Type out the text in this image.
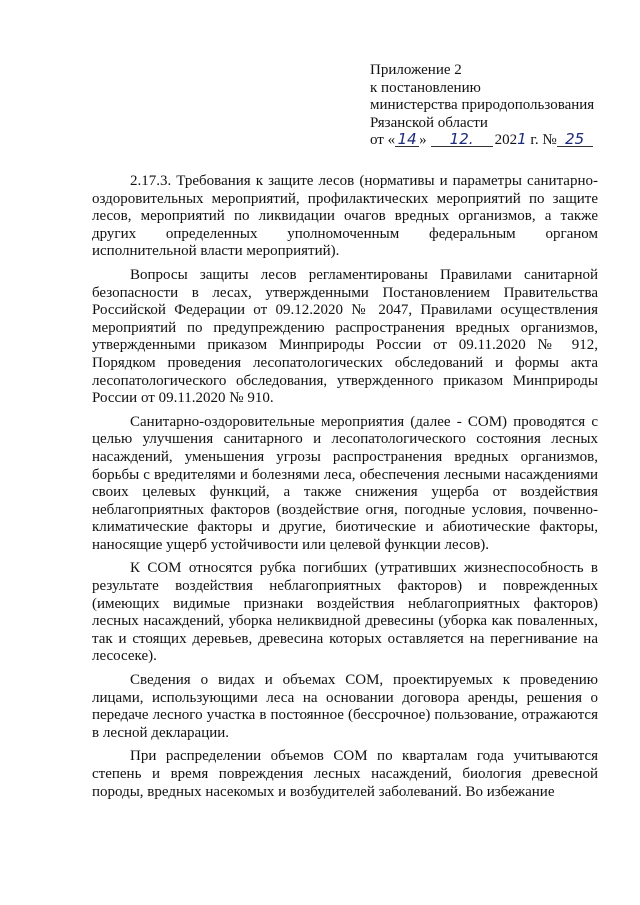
Приложение 2
к постановлению
министерства природопользования
Рязанской области
от « 14 » 12. 2021 г. № 25

2.17.3. Требования к защите лесов (нормативы и параметры санитарно-оздоровительных мероприятий, профилактических мероприятий по защите лесов, мероприятий по ликвидации очагов вредных организмов, а также других определенных уполномоченным федеральным органом исполнительной власти мероприятий).

Вопросы защиты лесов регламентированы Правилами санитарной безопасности в лесах, утвержденными Постановлением Правительства Российской Федерации от 09.12.2020 № 2047, Правилами осуществления мероприятий по предупреждению распространения вредных организмов, утвержденными приказом Минприроды России от 09.11.2020 № 912, Порядком проведения лесопатологических обследований и формы акта лесопатологического обследования, утвержденного приказом Минприроды России от 09.11.2020 № 910.

Санитарно-оздоровительные мероприятия (далее - СОМ) проводятся с целью улучшения санитарного и лесопатологического состояния лесных насаждений, уменьшения угрозы распространения вредных организмов, борьбы с вредителями и болезнями леса, обеспечения лесными насаждениями своих целевых функций, а также снижения ущерба от воздействия неблагоприятных факторов (воздействие огня, погодные условия, почвенно-климатические факторы и другие, биотические и абиотические факторы, наносящие ущерб устойчивости или целевой функции лесов).

К СОМ относятся рубка погибших (утративших жизнеспособность в результате воздействия неблагоприятных факторов) и поврежденных (имеющих видимые признаки воздействия неблагоприятных факторов) лесных насаждений, уборка неликвидной древесины (уборка как поваленных, так и стоящих деревьев, древесина которых оставляется на перегнивание на лесосеке).

Сведения о видах и объемах СОМ, проектируемых к проведению лицами, использующими леса на основании договора аренды, решения о передаче лесного участка в постоянное (бессрочное) пользование, отражаются в лесной декларации.

При распределении объемов СОМ по кварталам года учитываются степень и время повреждения лесных насаждений, биология древесной породы, вредных насекомых и возбудителей заболеваний. Во избежание
